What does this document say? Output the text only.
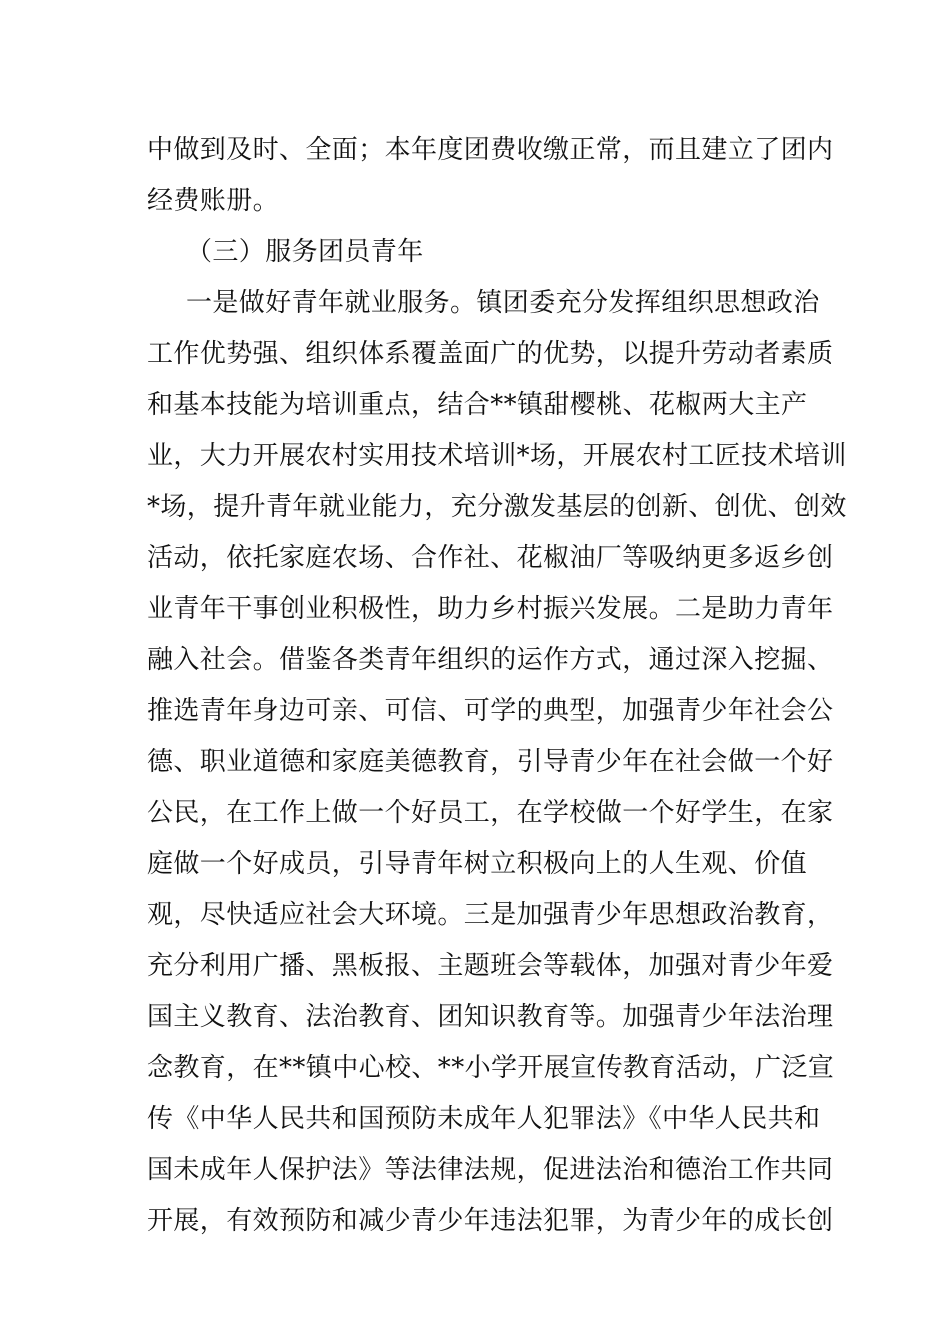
中做到及时、全面；本年度团费收缴正常，而且建立了团内
经费账册。
（三）服务团员青年
一是做好青年就业服务。镇团委充分发挥组织思想政治
工作优势强、组织体系覆盖面广的优势，以提升劳动者素质
和基本技能为培训重点，结合**镇甜樱桃、花椒两大主产
业，大力开展农村实用技术培训*场，开展农村工匠技术培训
*场，提升青年就业能力，充分激发基层的创新、创优、创效
活动，依托家庭农场、合作社、花椒油厂等吸纳更多返乡创
业青年干事创业积极性，助力乡村振兴发展。二是助力青年
融入社会。借鉴各类青年组织的运作方式，通过深入挖掘、
推选青年身边可亲、可信、可学的典型，加强青少年社会公
德、职业道德和家庭美德教育，引导青少年在社会做一个好
公民，在工作上做一个好员工，在学校做一个好学生，在家
庭做一个好成员，引导青年树立积极向上的人生观、价值
观，尽快适应社会大环境。三是加强青少年思想政治教育，
充分利用广播、黑板报、主题班会等载体，加强对青少年爱
国主义教育、法治教育、团知识教育等。加强青少年法治理
念教育，在**镇中心校、**小学开展宣传教育活动，广泛宣
传《中华人民共和国预防未成年人犯罪法》《中华人民共和
国未成年人保护法》等法律法规，促进法治和德治工作共同
开展，有效预防和减少青少年违法犯罪，为青少年的成长创
